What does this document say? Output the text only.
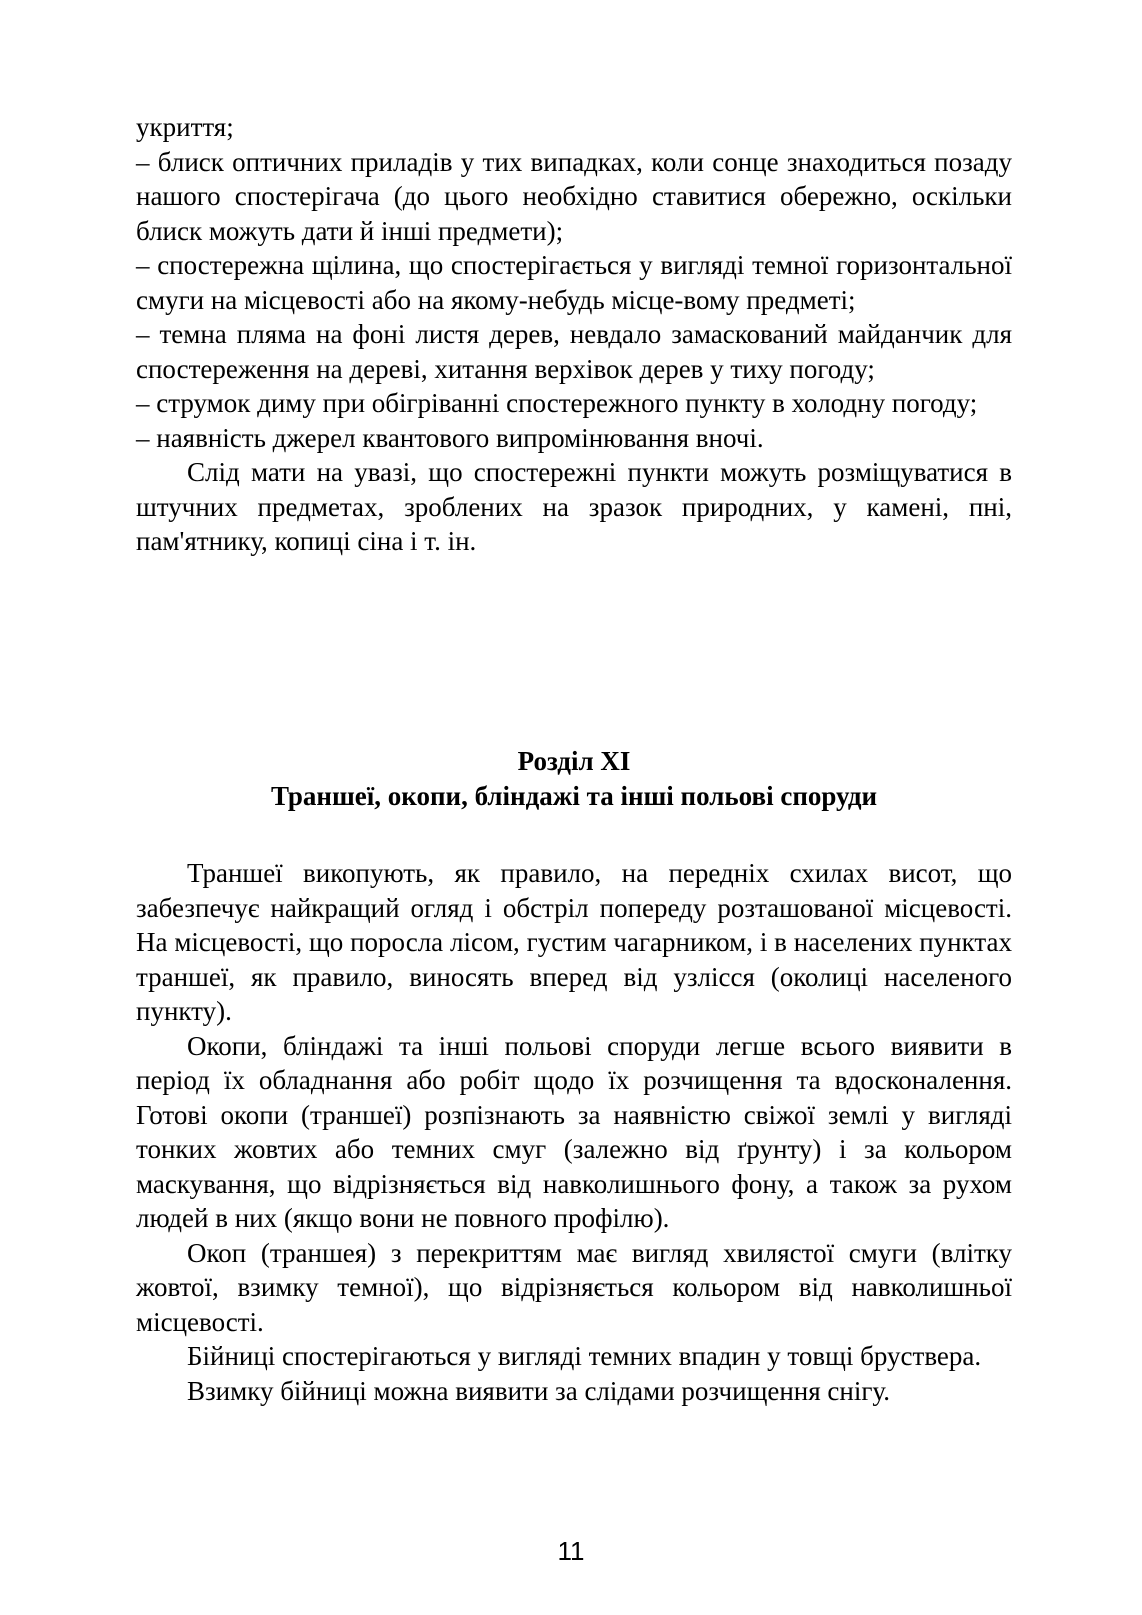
укриття;

– блиск оптичних приладів у тих випадках, коли сонце знаходиться позаду нашого спостерігача (до цього необхідно ставитися обережно, оскільки блиск можуть дати й інші предмети);

– спостережна щілина, що спостерігається у вигляді темної горизонтальної смуги на місцевості або на якому-небудь місце-вому предметі;

– темна пляма на фоні листя дерев, невдало замаскований майданчик для спостереження на дереві, хитання верхівок дерев у тиху погоду;

– струмок диму при обігріванні спостережного пункту в холодну погоду;

– наявність джерел квантового випромінювання вночі.

Слід мати на увазі, що спостережні пункти можуть розміщуватися в штучних предметах, зроблених на зразок природних, у камені, пні, пам'ятнику, копиці сіна і т. ін.

Розділ XI
Траншеї, окопи, бліндажі та інші польові споруди

Траншеї викопують, як правило, на передніх схилах висот, що забезпечує найкращий огляд і обстріл попереду розташованої місцевості. На місцевості, що поросла лісом, густим чагарником, і в населених пунктах траншеї, як правило, виносять вперед від узлісся (околиці населеного пункту).

Окопи, бліндажі та інші польові споруди легше всього виявити в період їх обладнання або робіт щодо їх розчищення та вдосконалення. Готові окопи (траншеї) розпізнають за наявністю свіжої землі у вигляді тонких жовтих або темних смуг (залежно від ґрунту) і за кольором маскування, що відрізняється від навколишнього фону, а також за рухом людей в них (якщо вони не повного профілю).

Окоп (траншея) з перекриттям має вигляд хвилястої смуги (влітку жовтої, взимку темної), що відрізняється кольором від навколишньої місцевості.

Бійниці спостерігаються у вигляді темних впадин у товщі бруствера.

Взимку бійниці можна виявити за слідами розчищення снігу.

11
